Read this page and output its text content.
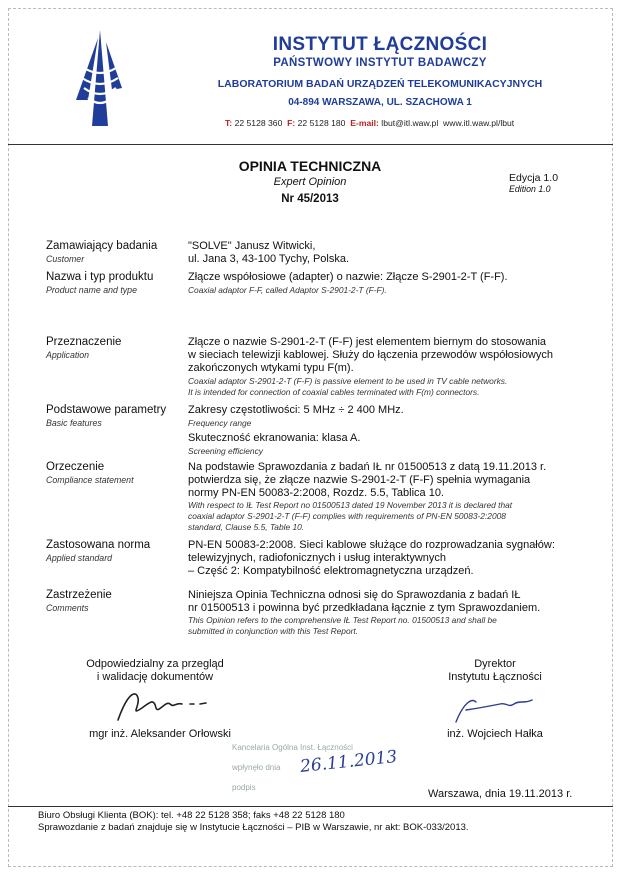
INSTYTUT ŁĄCZNOŚCI
PAŃSTWOWY INSTYTUT BADAWCZY
LABORATORIUM BADAŃ URZĄDZEŃ TELEKOMUNIKACYJNYCH
04-894 WARSZAWA, UL. SZACHOWA 1
T: 22 5128 360 F: 22 5128 180 E-mail: lbut@itl.waw.pl www.itl.waw.pl/lbut
OPINIA TECHNICZNA
Expert Opinion
Nr 45/2013
Edycja 1.0
Edition 1.0
Zamawiający badania
Customer
"SOLVE" Janusz Witwicki,
ul. Jana 3, 43-100 Tychy, Polska.
Nazwa i typ produktu
Product name and type
Złącze współosiowe (adapter) o nazwie: Złącze S-2901-2-T (F-F).
Coaxial adaptor F-F, called Adaptor S-2901-2-T (F-F).
Przeznaczenie
Application
Złącze o nazwie S-2901-2-T (F-F) jest elementem biernym do stosowania
w sieciach telewizji kablowej. Służy do łączenia przewodów współosiowych
zakończonych wtykami typu F(m).
Coaxial adaptor S-2901-2-T (F-F) is passive element to be used in TV cable networks.
It is intended for connection of coaxial cables terminated with F(m) connectors.
Podstawowe parametry
Basic features
Zakresy częstotliwości: 5 MHz ÷ 2 400 MHz.
Frequency range
Skuteczność ekranowania: klasa A.
Screening efficiency
Orzeczenie
Compliance statement
Na podstawie Sprawozdania z badań IŁ nr 01500513 z datą 19.11.2013 r.
potwierdza się, że złącze nazwie S-2901-2-T (F-F) spełnia wymagania
normy PN-EN 50083-2:2008, Rozdz. 5.5, Tablica 10.
With respect to IŁ Test Report no 01500513 dated 19 November 2013 it is declared that
coaxial adaptor S-2901-2-T (F-F) complies with requirements of PN-EN 50083-2:2008
standard, Clause 5.5, Table 10.
Zastosowana norma
Applied standard
PN-EN 50083-2:2008. Sieci kablowe służące do rozprowadzania sygnałów:
telewizyjnych, radiofonicznych i usług interaktywnych
– Część 2: Kompatybilność elektromagnetyczna urządzeń.
Zastrzeżenie
Comments
Niniejsza Opinia Techniczna odnosi się do Sprawozdania z badań IŁ
nr 01500513 i powinna być przedkładana łącznie z tym Sprawozdaniem.
This Opinion refers to the comprehensive IŁ Test Report no. 01500513 and shall be
submitted in conjunction with this Test Report.
Odpowiedzialny za przegląd
i walidację dokumentów
mgr inż. Aleksander Orłowski
Dyrektor
Instytutu Łączności
inż. Wojciech Hałka
Kancelaria Ogólna Inst. Łączności
wpłynęło dnia
podpis
26.11.2013
Warszawa, dnia 19.11.2013 r.
Biuro Obsługi Klienta (BOK): tel. +48 22 5128 358; faks +48 22 5128 180
Sprawozdanie z badań znajduje się w Instytucie Łączności – PIB w Warszawie, nr akt: BOK-033/2013.
